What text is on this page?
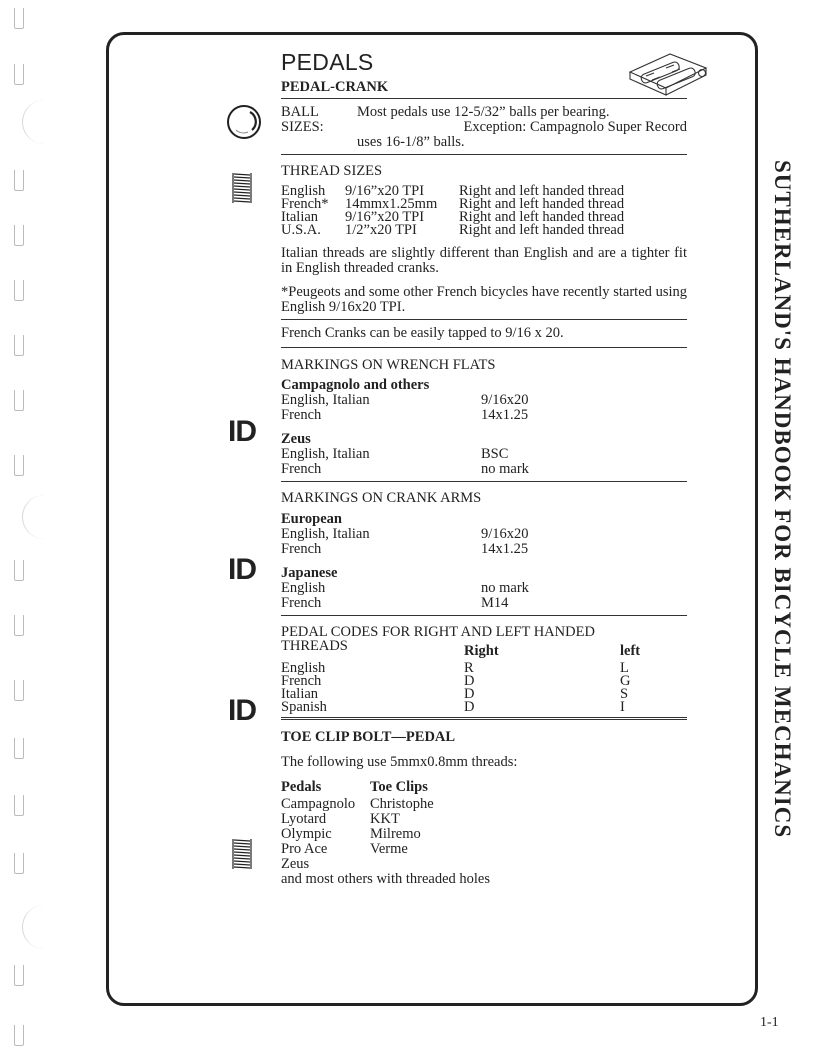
ID
ID
ID
PEDALS
PEDAL-CRANK
BALL SIZES:
Most pedals use 12-5/32” balls per bearing.
Exception: Campagnolo Super Record
uses 16-1/8” balls.
THREAD SIZES
English	9/16”x20 TPI	Right and left handed thread
French*	14mmx1.25mm	Right and left handed thread
Italian	9/16”x20 TPI	Right and left handed thread
U.S.A.	1/2”x20 TPI	Right and left handed thread
Italian threads are slightly different than English and are a tighter fit in English threaded cranks.
*Peugeots and some other French bicycles have recently started using English 9/16x20 TPI.
French Cranks can be easily tapped to 9/16 x 20.
MARKINGS ON WRENCH FLATS
Campagnolo and others
English, Italian	9/16x20
French	14x1.25
Zeus
English, Italian	BSC
French	no mark
MARKINGS ON CRANK ARMS
European
English, Italian	9/16x20
French	14x1.25
Japanese
English	no mark
French	M14
PEDAL CODES FOR RIGHT AND LEFT HANDED
THREADS	Right	left
English	R	L
French	D	G
Italian	D	S
Spanish	D	I
TOE CLIP BOLT—PEDAL
The following use 5mmx0.8mm threads:
Pedals	Toe Clips
Campagnolo	Christophe
Lyotard	KKT
Olympic	Milremo
Pro Ace	Verme
Zeus
and most others with threaded holes
SUTHERLAND'S HANDBOOK FOR BICYCLE MECHANICS
1-1
